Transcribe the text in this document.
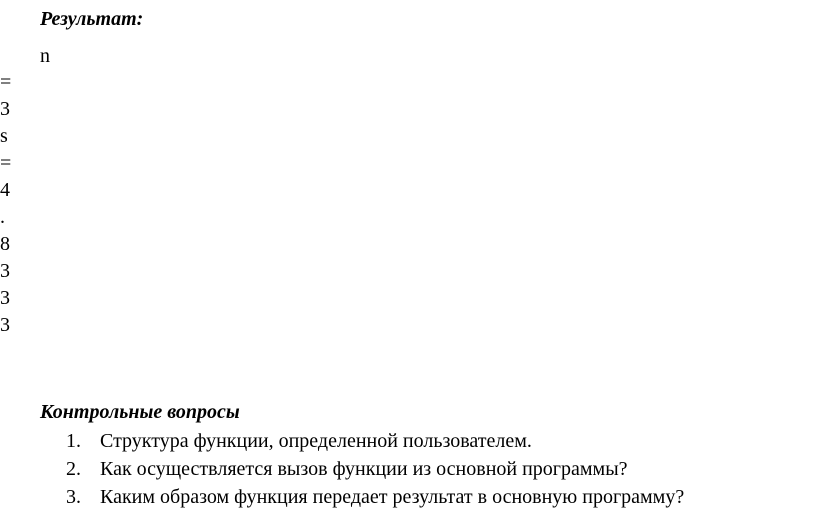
Результат:
n
=
3
s
=
4
.
8
3
3
3
Контрольные вопросы
1. Структура функции, определенной пользователем.
2. Как осуществляется вызов функции из основной программы?
3. Каким образом функция передает результат в основную программу?
